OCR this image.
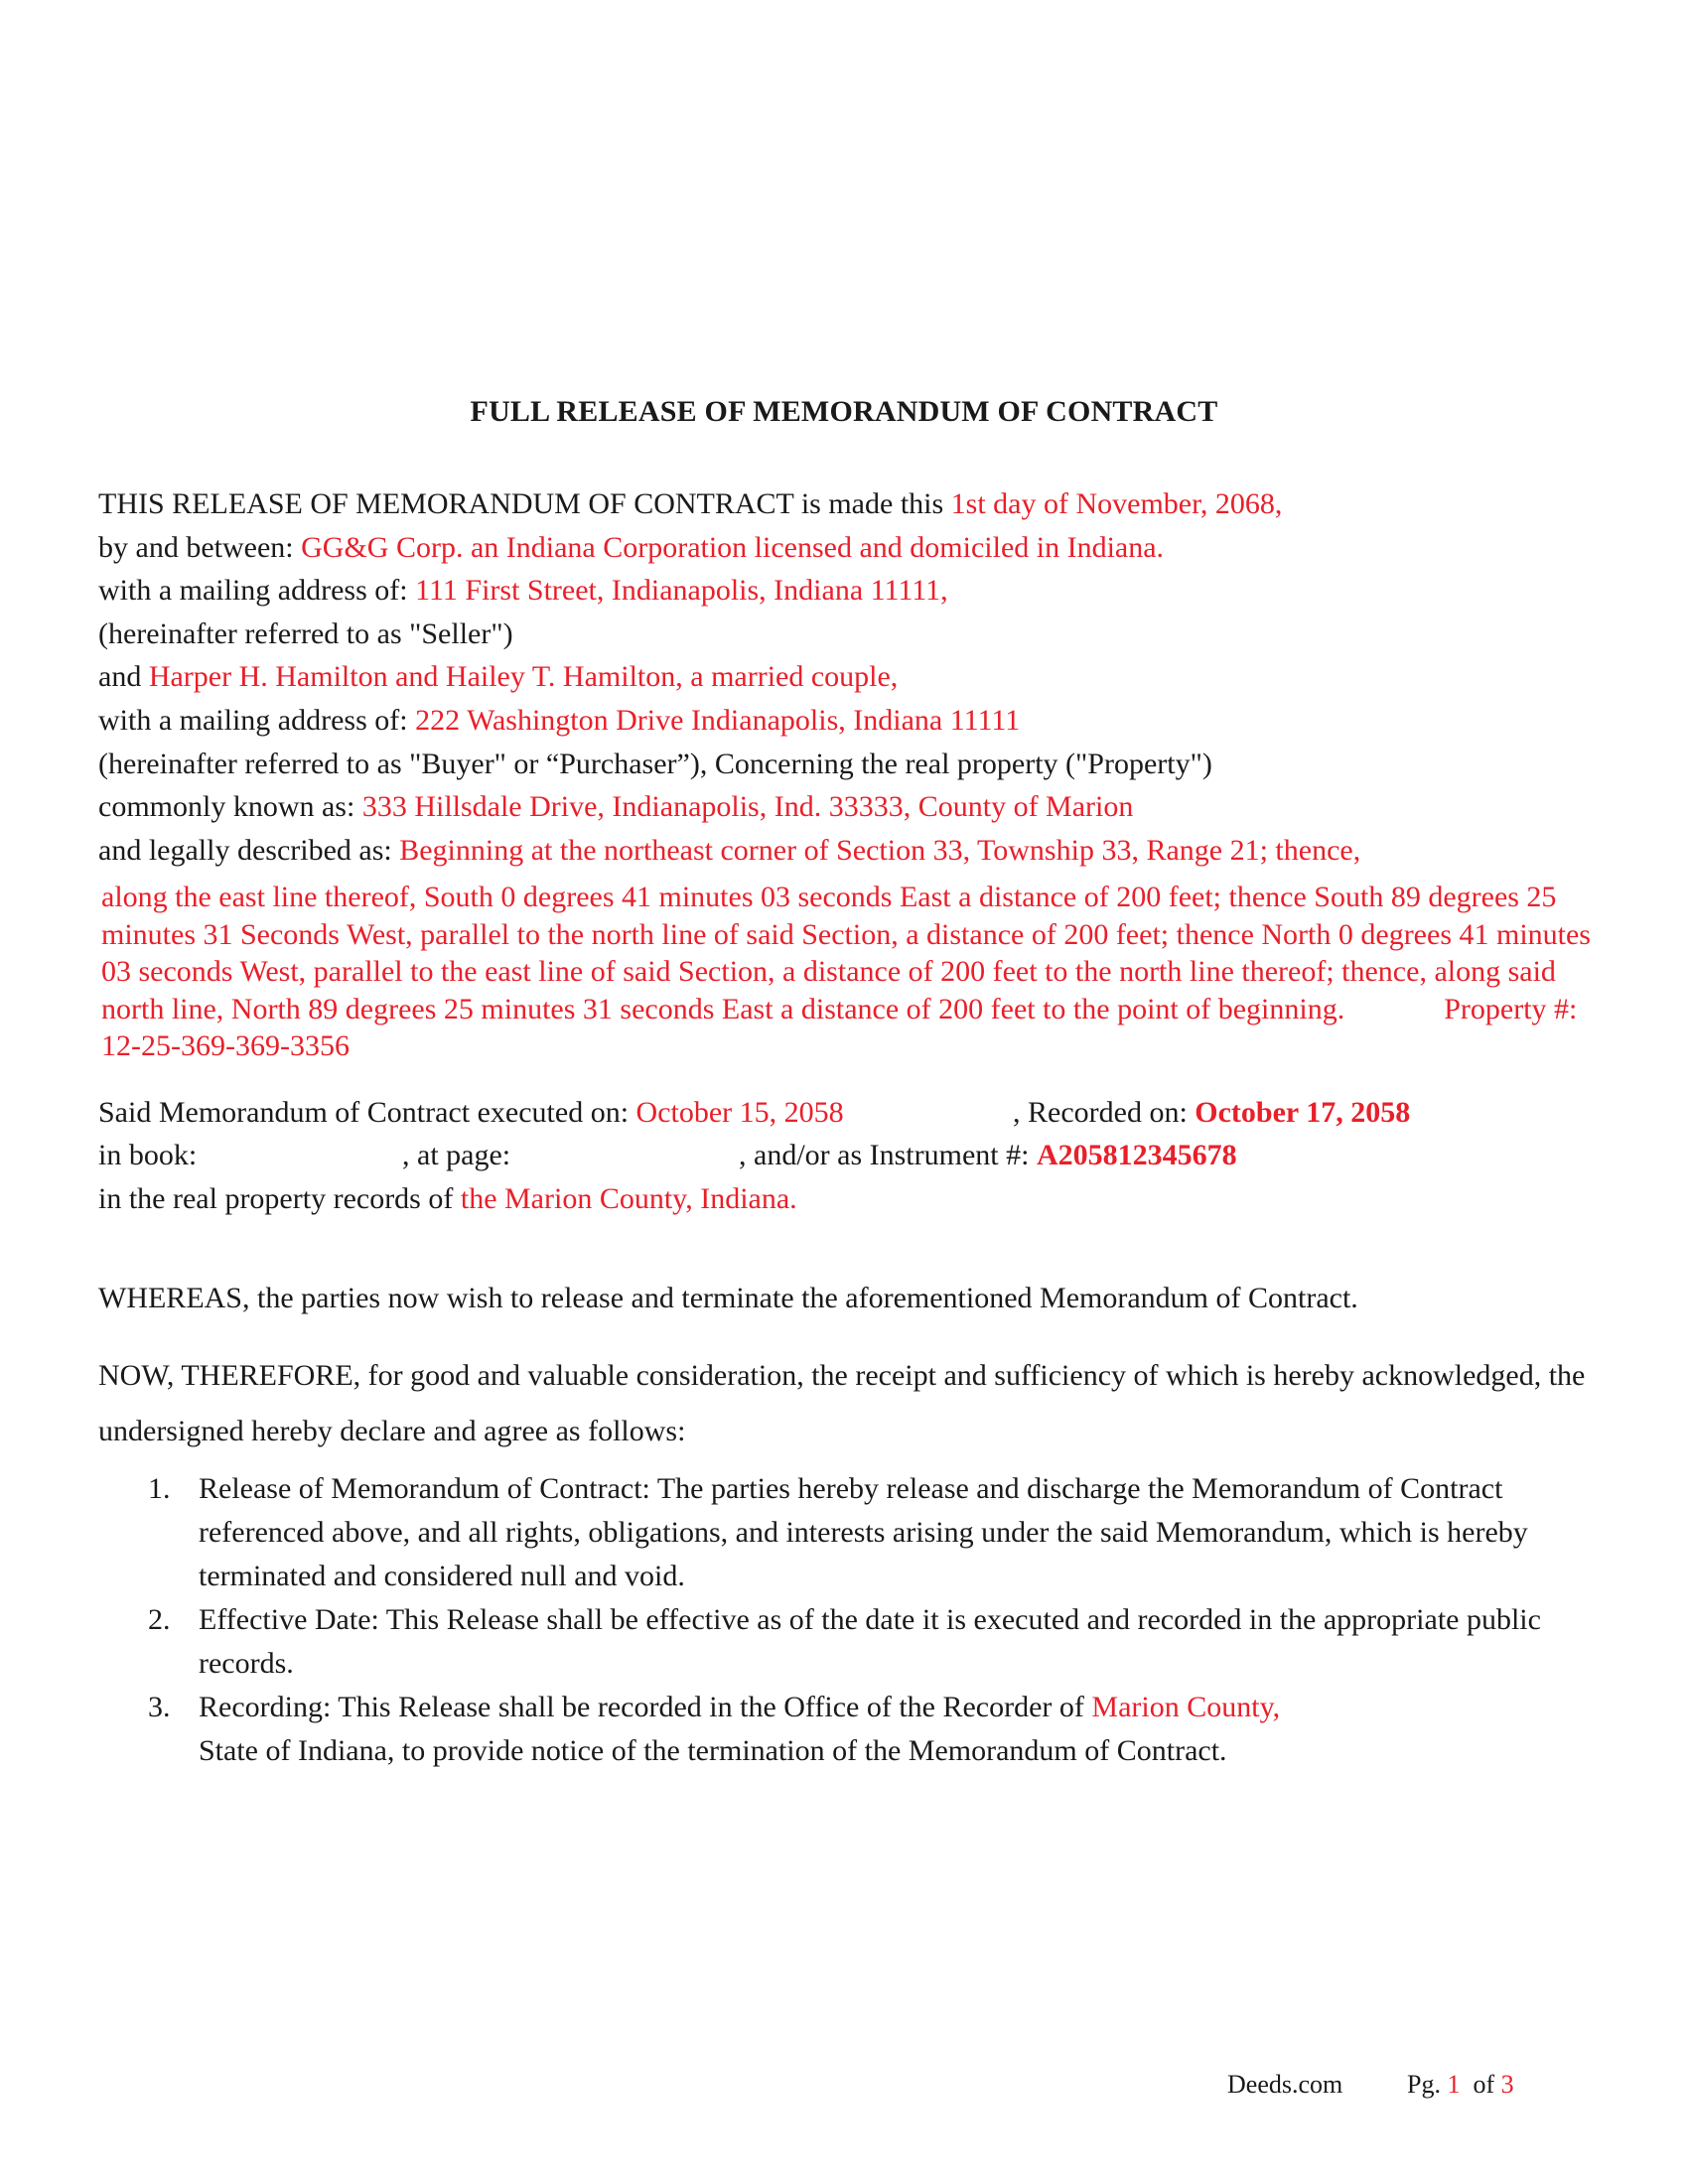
FULL RELEASE OF MEMORANDUM OF CONTRACT
THIS RELEASE OF MEMORANDUM OF CONTRACT is made this 1st day of November, 2068,
by and between: GG&G Corp. an Indiana Corporation licensed and domiciled in Indiana.
with a mailing address of: 111 First Street, Indianapolis, Indiana 11111,
(hereinafter referred to as "Seller")
and Harper H. Hamilton and Hailey T. Hamilton, a married couple,
with a mailing address of: 222 Washington Drive Indianapolis, Indiana 11111
(hereinafter referred to as "Buyer" or “Purchaser”), Concerning the real property ("Property")
commonly known as: 333 Hillsdale Drive, Indianapolis, Ind. 33333, County of Marion
and legally described as: Beginning at the northeast corner of Section 33, Township 33, Range 21; thence,
along the east line thereof, South 0 degrees 41 minutes 03 seconds East a distance of 200 feet; thence South 89 degrees 25 minutes 31 Seconds West, parallel to the north line of said Section, a distance of 200 feet; thence North 0 degrees 41 minutes 03 seconds West, parallel to the east line of said Section, a distance of 200 feet to the north line thereof; thence, along said north line, North 89 degrees 25 minutes 31 seconds East a distance of 200 feet to the point of beginning.	Property #: 12-25-369-369-3356
Said Memorandum of Contract executed on: October 15, 2058	, Recorded on: October 17, 2058
in book:	, at page:	, and/or as Instrument #: A205812345678
in the real property records of the Marion County, Indiana.
WHEREAS, the parties now wish to release and terminate the aforementioned Memorandum of Contract.
NOW, THEREFORE, for good and valuable consideration, the receipt and sufficiency of which is hereby acknowledged, the undersigned hereby declare and agree as follows:
1. Release of Memorandum of Contract: The parties hereby release and discharge the Memorandum of Contract referenced above, and all rights, obligations, and interests arising under the said Memorandum, which is hereby terminated and considered null and void.
2. Effective Date: This Release shall be effective as of the date it is executed and recorded in the appropriate public records.
3. Recording: This Release shall be recorded in the Office of the Recorder of Marion County,
State of Indiana, to provide notice of the termination of the Memorandum of Contract.
Deeds.com Pg. 1 of 3
